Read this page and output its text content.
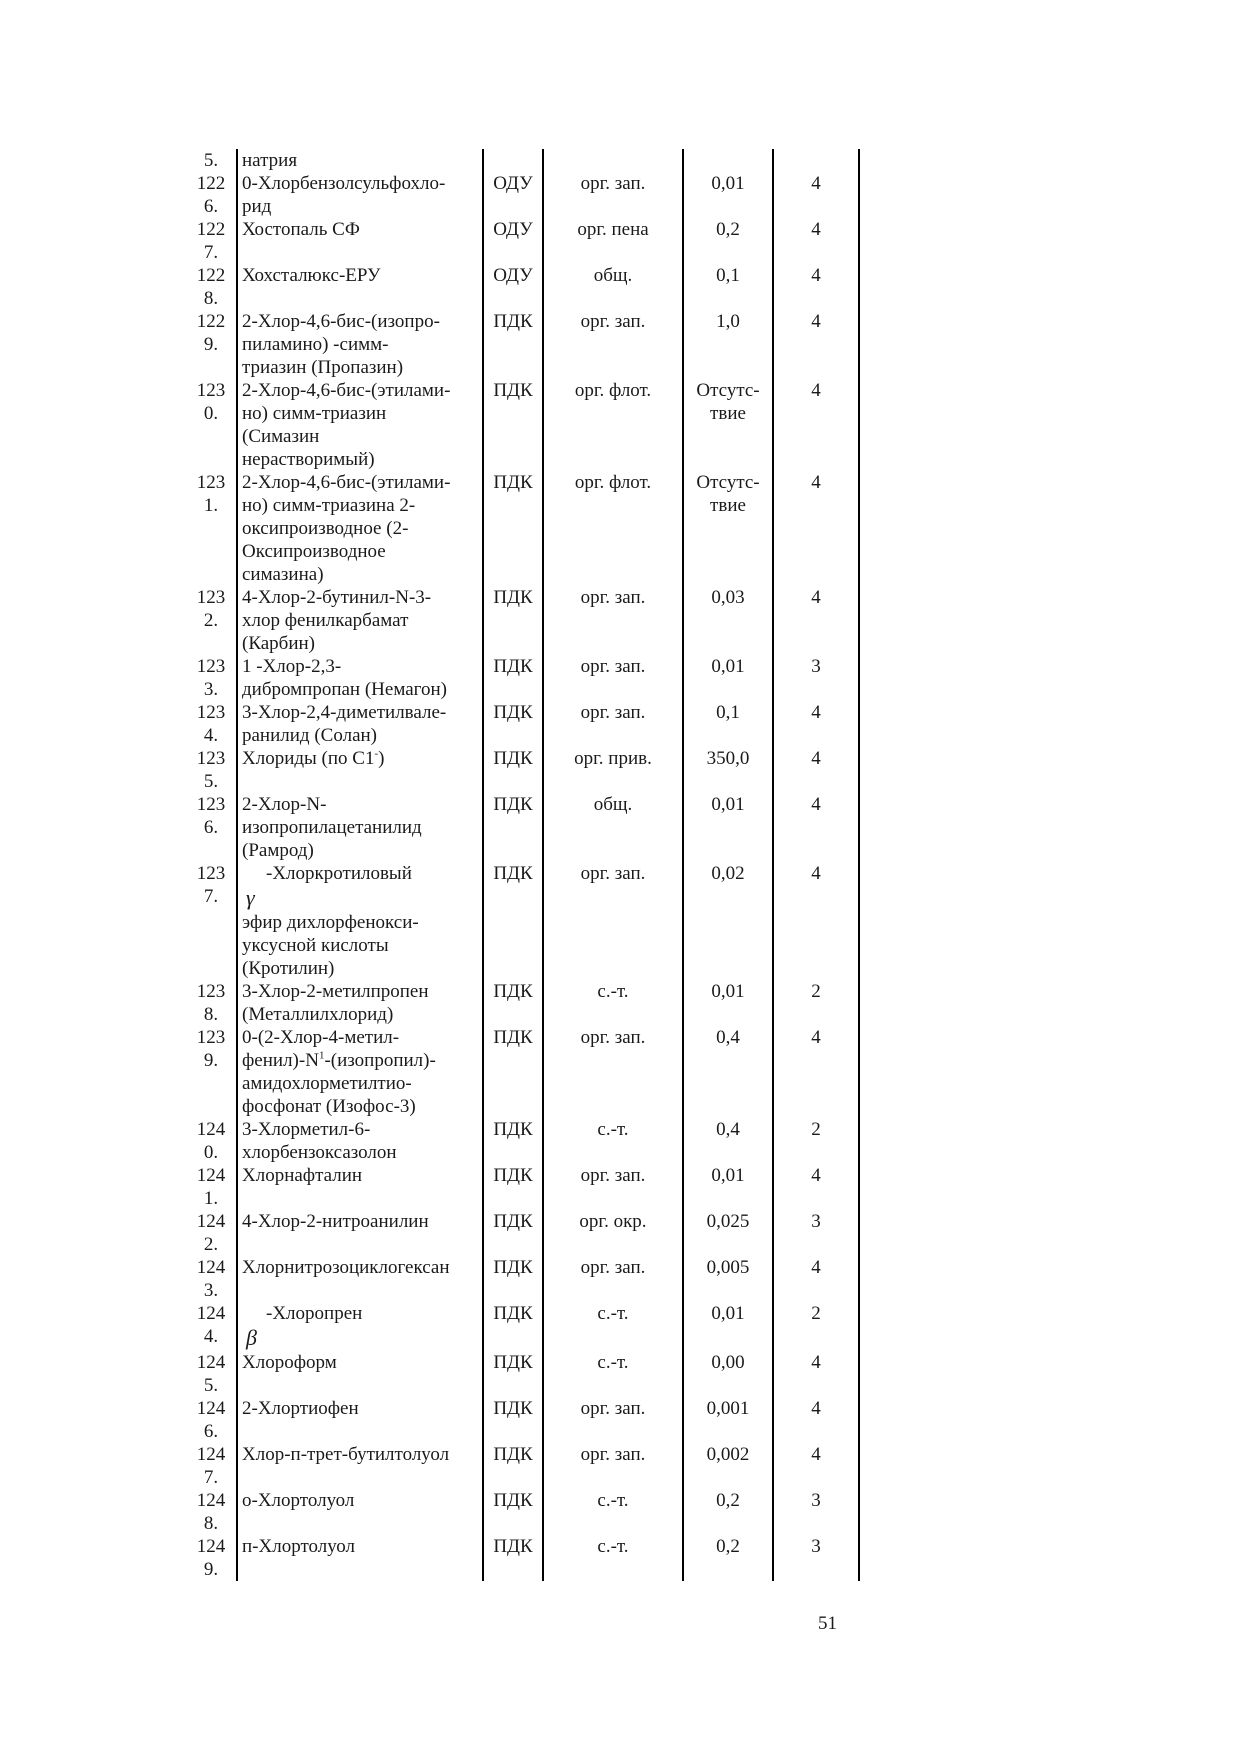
5.	натрия				

122
6.	0-Хлорбензолсульфохло-
рид	ОДУ	орг. зап.	0,01	4

122
7.	Хостопаль СФ	ОДУ	орг. пена	0,2	4

122
8.	Хохсталюкс-ЕРУ	ОДУ	общ.	0,1	4

122
9.	2-Хлор-4,6-бис-(изопро-
пиламино) -симм-
триазин (Пропазин)	ПДК	орг. зап.	1,0	4

123
0.	2-Хлор-4,6-бис-(этилами-
но) симм-триазин
(Симазин
нерастворимый)	ПДК	орг. флот.	Отсутс-
твие	4

123
1.	2-Хлор-4,6-бис-(этилами-
но) симм-триазина 2-
оксипроизводное (2-
Оксипроизводное
симазина)	ПДК	орг. флот.	Отсутс-
твие	4

123
2.	4-Хлор-2-бутинил-N-3-
хлор фенилкарбамат
(Карбин)	ПДК	орг. зап.	0,03	4

123
3.	1 -Хлор-2,3-
дибромпропан (Немагон)	ПДК	орг. зап.	0,01	3

123
4.	3-Хлор-2,4-диметилвале-
ранилид (Солан)	ПДК	орг. зап.	0,1	4

123
5.	Хлориды (по C1-)	ПДК	орг. прив.	350,0	4

123
6.	2-Хлор-N-
изопропилацетанилид
(Рамрод)	ПДК	общ.	0,01	4

123
7.	-Хлоркротиловый
γ
эфир дихлорфенокси-
уксусной кислоты
(Кротилин)	ПДК	орг. зап.	0,02	4

123
8.	3-Хлор-2-метилпропен
(Металлилхлорид)	ПДК	с.-т.	0,01	2

123
9.	0-(2-Хлор-4-метил-
$фенил)-N^1-(изопропил)-$
амидохлорметилтио-
фосфонат (Изофос-3)	ПДК	орг. зап.	0,4	4

124
0.	3-Хлорметил-6-
хлорбензоксазолон	ПДК	с.-т.	0,4	2

124
1.	Хлорнафталин	ПДК	орг. зап.	0,01	4

124
2.	4-Хлор-2-нитроанилин	ПДК	орг. окр.	0,025	3

124
3.	Хлорнитрозоциклогексан	ПДК	орг. зап.	0,005	4

124
4.	-Хлоропрен
β	ПДК	с.-т.	0,01	2

124
5.	Хлороформ	ПДК	с.-т.	0,00	4

124
6.	2-Хлортиофен	ПДК	орг. зап.	0,001	4

124
7.	Хлор-п-трет-бутилтолуол	ПДК	орг. зап.	0,002	4

124
8.	о-Хлортолуол	ПДК	с.-т.	0,2	3

124
9.	п-Хлортолуол	ПДК	с.-т.	0,2	3
51
